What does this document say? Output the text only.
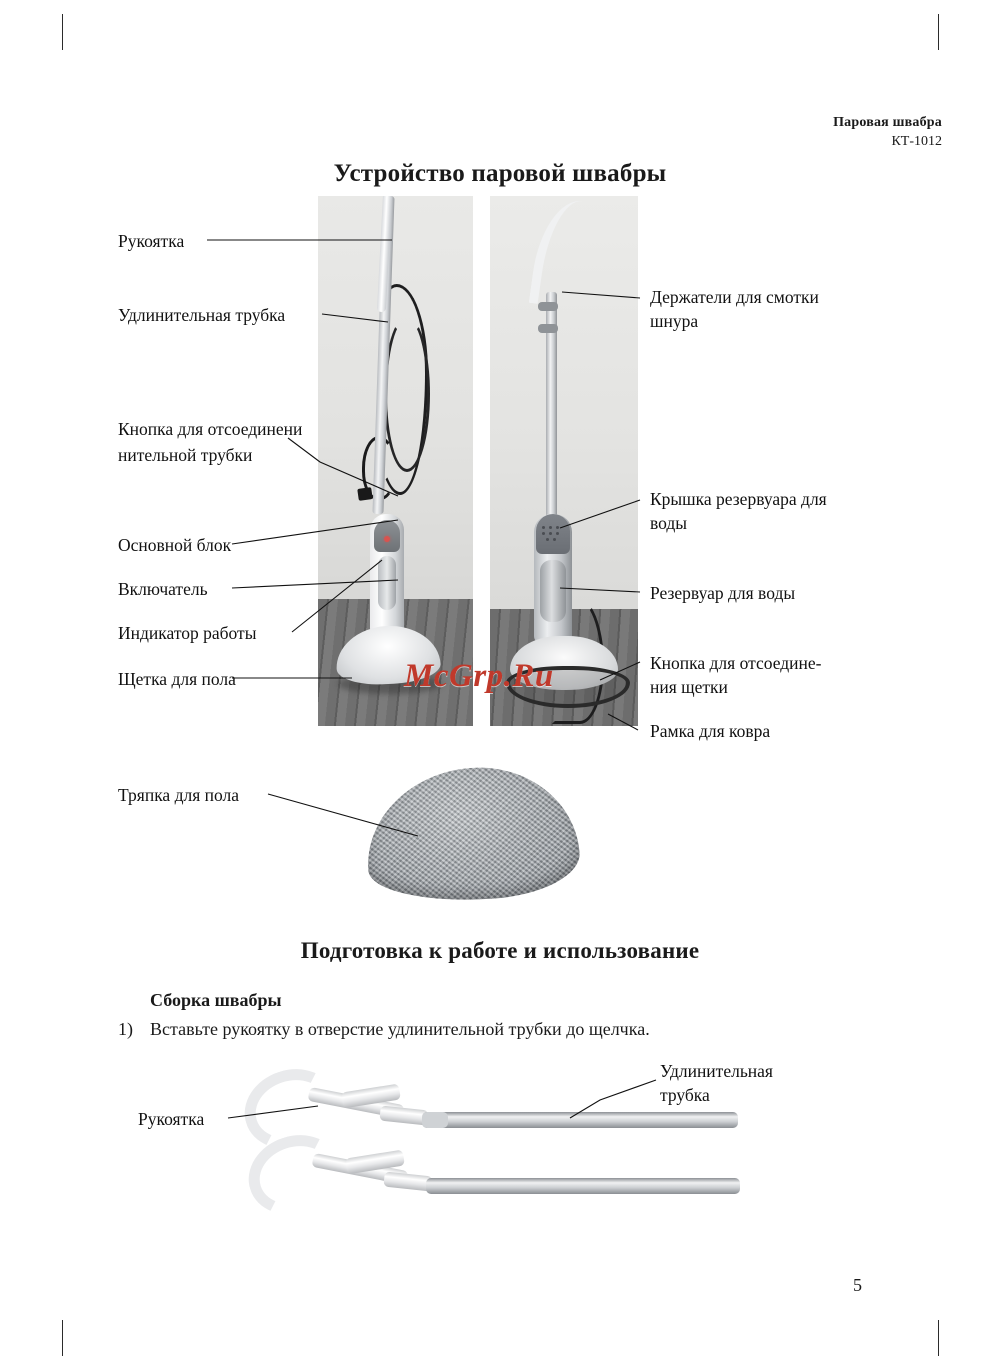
Паровая швабра
КТ-1012
Устройство паровой швабры
McGrp.Ru
Рукоятка
Удлинительная трубка
Кнопка для отсоединени
нительной трубки
Основной блок
Включатель
Индикатор работы
Щетка для пола
Тряпка для пола
Держатели для смотки
шнура
Крышка резервуара для
воды
Резервуар для воды
Кнопка для отсоедине-
ния щетки
Рамка для ковра
Подготовка к работе и использование
Сборка швабры
1) Вставьте рукоятку в отверстие удлинительной трубки до щелчка.
Удлинительная
трубка
Рукоятка
5
